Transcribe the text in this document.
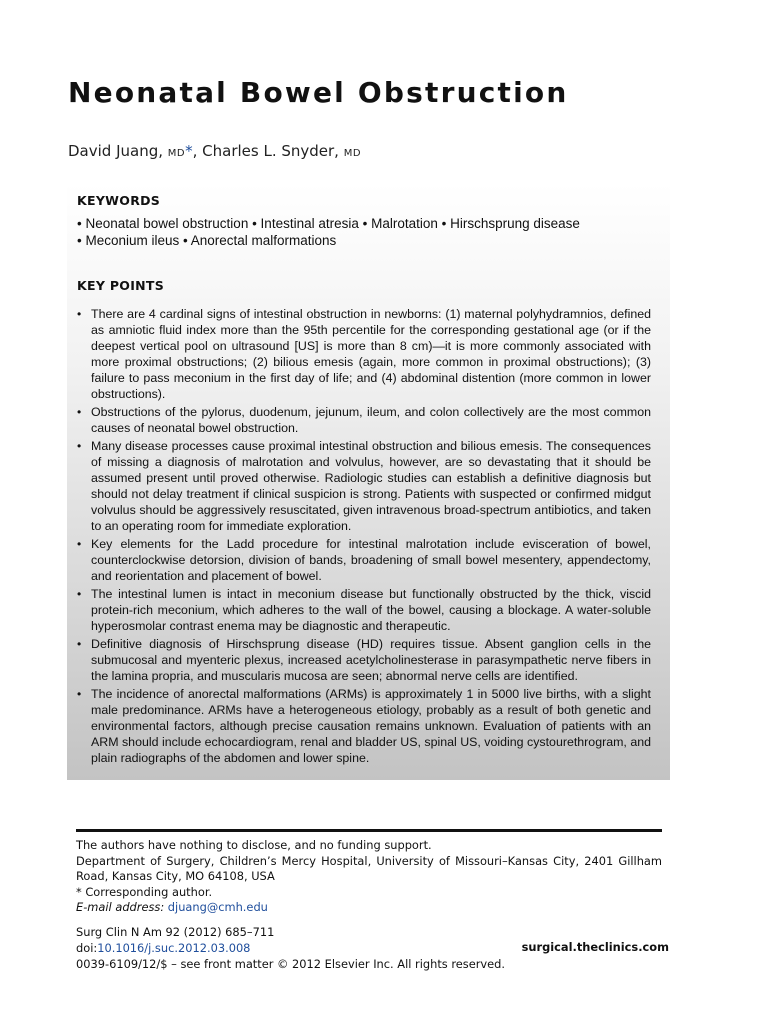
Neonatal Bowel Obstruction
David Juang, MD*, Charles L. Snyder, MD
KEYWORDS
• Neonatal bowel obstruction • Intestinal atresia • Malrotation • Hirschsprung disease
• Meconium ileus • Anorectal malformations
KEY POINTS
• There are 4 cardinal signs of intestinal obstruction in newborns: (1) maternal polyhydramnios, defined as amniotic fluid index more than the 95th percentile for the corresponding gestational age (or if the deepest vertical pool on ultrasound [US] is more than 8 cm)—it is more commonly associated with more proximal obstructions; (2) bilious emesis (again, more common in proximal obstructions); (3) failure to pass meconium in the first day of life; and (4) abdominal distention (more common in lower obstructions).
• Obstructions of the pylorus, duodenum, jejunum, ileum, and colon collectively are the most common causes of neonatal bowel obstruction.
• Many disease processes cause proximal intestinal obstruction and bilious emesis. The consequences of missing a diagnosis of malrotation and volvulus, however, are so devastating that it should be assumed present until proved otherwise. Radiologic studies can establish a definitive diagnosis but should not delay treatment if clinical suspicion is strong. Patients with suspected or confirmed midgut volvulus should be aggressively resuscitated, given intravenous broad-spectrum antibiotics, and taken to an operating room for immediate exploration.
• Key elements for the Ladd procedure for intestinal malrotation include evisceration of bowel, counterclockwise detorsion, division of bands, broadening of small bowel mesentery, appendectomy, and reorientation and placement of bowel.
• The intestinal lumen is intact in meconium disease but functionally obstructed by the thick, viscid protein-rich meconium, which adheres to the wall of the bowel, causing a blockage. A water-soluble hyperosmolar contrast enema may be diagnostic and therapeutic.
• Definitive diagnosis of Hirschsprung disease (HD) requires tissue. Absent ganglion cells in the submucosal and myenteric plexus, increased acetylcholinesterase in parasympathetic nerve fibers in the lamina propria, and muscularis mucosa are seen; abnormal nerve cells are identified.
• The incidence of anorectal malformations (ARMs) is approximately 1 in 5000 live births, with a slight male predominance. ARMs have a heterogeneous etiology, probably as a result of both genetic and environmental factors, although precise causation remains unknown. Evaluation of patients with an ARM should include echocardiogram, renal and bladder US, spinal US, voiding cystourethrogram, and plain radiographs of the abdomen and lower spine.

The authors have nothing to disclose, and no funding support.

Department of Surgery, Children’s Mercy Hospital, University of Missouri–Kansas City, 2401 Gillham Road, Kansas City, MO 64108, USA

* Corresponding author.

E-mail address: djuang@cmh.edu

Surg Clin N Am 92 (2012) 685–711

doi:10.1016/j.suc.2012.03.008

0039-6109/12/$ – see front matter © 2012 Elsevier Inc. All rights reserved.

surgical.theclinics.com
